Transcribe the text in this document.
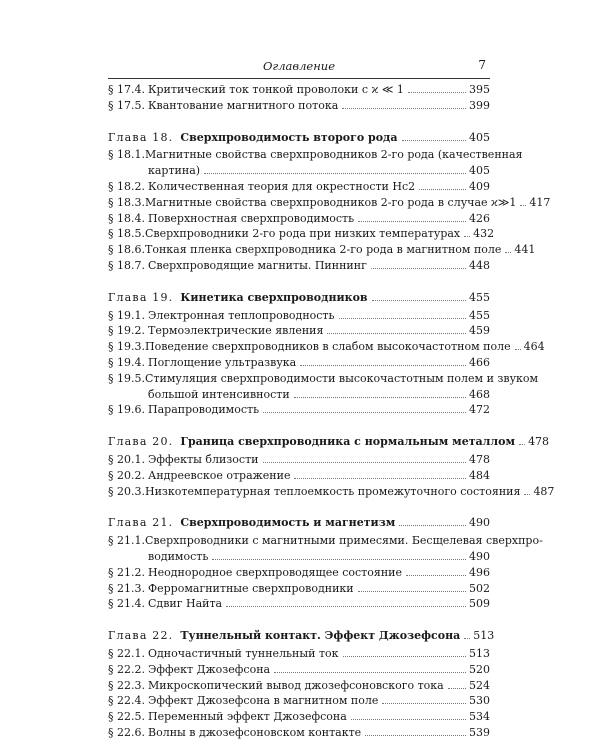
Оглавление	7
§ 17.4. Критический ток тонкой проволоки с ϰ ≪ 1	395
§ 17.5. Квантование магнитного потока	399
Глава 18. Сверхпроводимость второго рода	405
§ 18.1. Магнитные свойства сверхпроводников 2-го рода (качественная
картина)	405
§ 18.2. Количественная теория для окрестности Hc2	409
§ 18.3. Магнитные свойства сверхпроводников 2-го рода в случае ϰ≫1 417
§ 18.4. Поверхностная сверхпроводимость	426
§ 18.5. Сверхпроводники 2-го рода при низких температурах 432
§ 18.6. Тонкая пленка сверхпроводника 2-го рода в магнитном поле 441
§ 18.7. Сверхпроводящие магниты. Пиннинг	448
Глава 19. Кинетика сверхпроводников	455
§ 19.1. Электронная теплопроводность	455
§ 19.2. Термоэлектрические явления	459
§ 19.3. Поведение сверхпроводников в слабом высокочастотном поле 464
§ 19.4. Поглощение ультразвука	466
§ 19.5. Стимуляция сверхпроводимости высокочастотным полем и звуком
большой интенсивности	468
§ 19.6. Парапроводимость	472
Глава 20. Граница сверхпроводника с нормальным металлом 478
§ 20.1. Эффекты близости	478
§ 20.2. Андреевское отражение	484
§ 20.3. Низкотемпературная теплоемкость промежуточного состояния 487
Глава 21. Сверхпроводимость и магнетизм	490
§ 21.1. Сверхпроводники с магнитными примесями. Бесщелевая сверхпро-
водимость	490
§ 21.2. Неоднородное сверхпроводящее состояние	496
§ 21.3. Ферромагнитные сверхпроводники	502
§ 21.4. Сдвиг Найта	509
Глава 22. Туннельный контакт. Эффект Джозефсона 513
§ 22.1. Одночастичный туннельный ток	513
§ 22.2. Эффект Джозефсона	520
§ 22.3. Микроскопический вывод джозефсоновского тока 524
§ 22.4. Эффект Джозефсона в магнитном поле	530
§ 22.5. Переменный эффект Джозефсона	534
§ 22.6. Волны в джозефсоновском контакте	539
